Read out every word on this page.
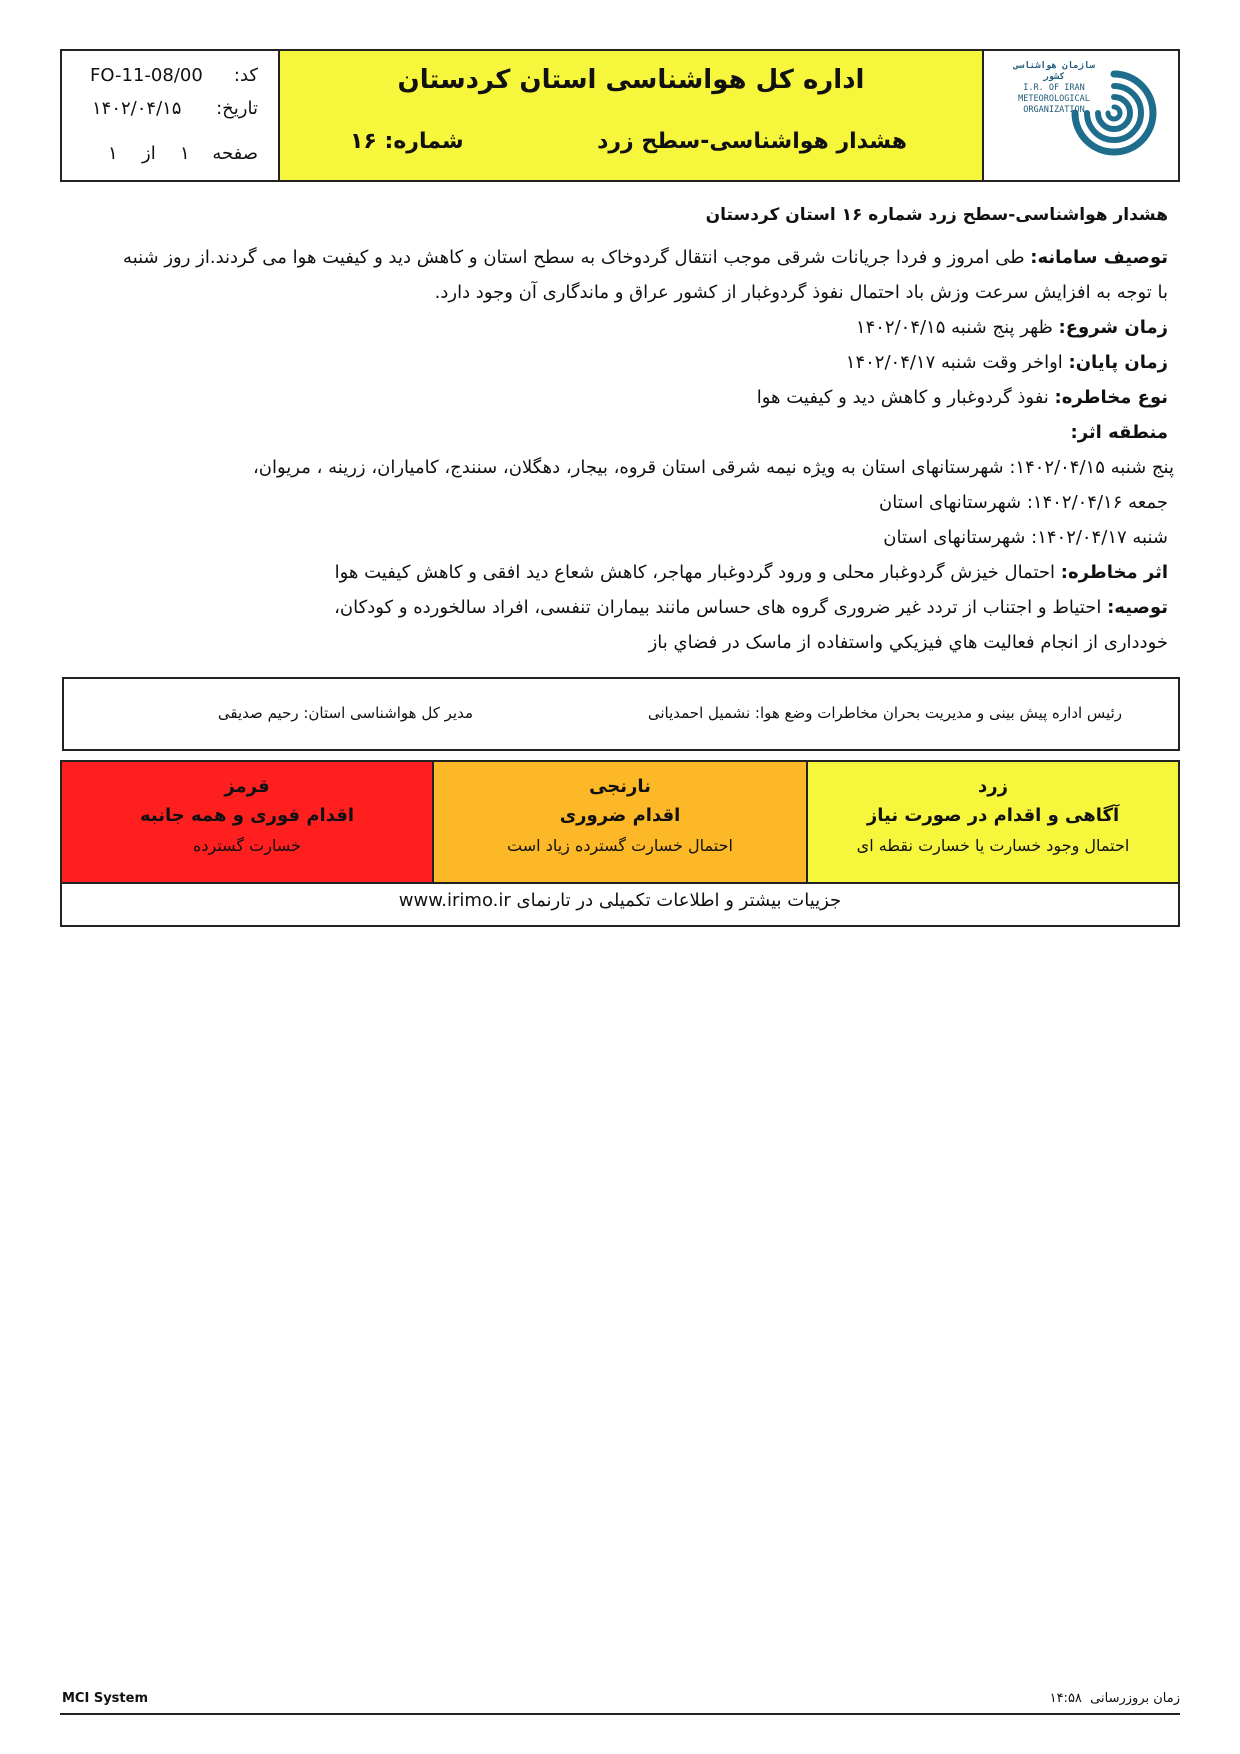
کد:
FO-11-08/00
تاریخ:
۱۴۰۲/۰۴/۱۵
صفحه
۱
از
۱
اداره کل هواشناسی استان کردستان
هشدار هواشناسی-سطح زرد
شماره: ۱۶
سازمان هواشناسی کشور
I.R. OF IRAN
METEOROLOGICAL
ORGANIZATION
هشدار هواشناسی-سطح زرد شماره ۱۶ استان کردستان
توصیف سامانه: طی امروز و فردا جریانات شرقی موجب انتقال گردوخاک به سطح استان و کاهش دید و کیفیت هوا می گردند.از روز شنبه
با توجه به افزایش سرعت وزش باد احتمال نفوذ گردوغبار از کشور عراق و ماندگاری آن وجود دارد.
زمان شروع: ظهر پنج شنبه ۱۴۰۲/۰۴/۱۵
زمان پایان: اواخر وقت شنبه ۱۴۰۲/۰۴/۱۷
نوع مخاطره: نفوذ گردوغبار و کاهش دید و کیفیت هوا
منطقه اثر:
پنج شنبه ۱۴۰۲/۰۴/۱۵: شهرستانهای استان به ویژه نیمه شرقی استان قروه، بیجار، دهگلان، سنندج، کامیاران، زرینه ، مریوان،
جمعه ۱۴۰۲/۰۴/۱۶: شهرستانهای استان
شنبه ۱۴۰۲/۰۴/۱۷: شهرستانهای استان
اثر مخاطره: احتمال خیزش گردوغبار محلی و ورود گردوغبار مهاجر، کاهش شعاع دید افقی و کاهش کیفیت هوا
توصیه: احتیاط و اجتناب از تردد غیر ضروری گروه های حساس مانند بیماران تنفسی، افراد سالخورده و کودکان،
خودداری از انجام فعالیت هاي فیزیکي واستفاده از ماسک در فضاي باز
رئیس اداره پیش بینی و مدیریت بحران مخاطرات وضع هوا: نشمیل احمدیانی
مدیر کل هواشناسی استان: رحیم صدیقی
قرمز
اقدام فوری و همه جانبه
خسارت گسترده
نارنجی
اقدام ضروری
احتمال خسارت گسترده زیاد است
زرد
آگاهی و اقدام در صورت نیاز
احتمال وجود خسارت یا خسارت نقطه ای
جزییات بیشتر و اطلاعات تکمیلی در تارنمای www.irimo.ir
MCI System	زمان بروزرسانی  ۱۴:۵۸
